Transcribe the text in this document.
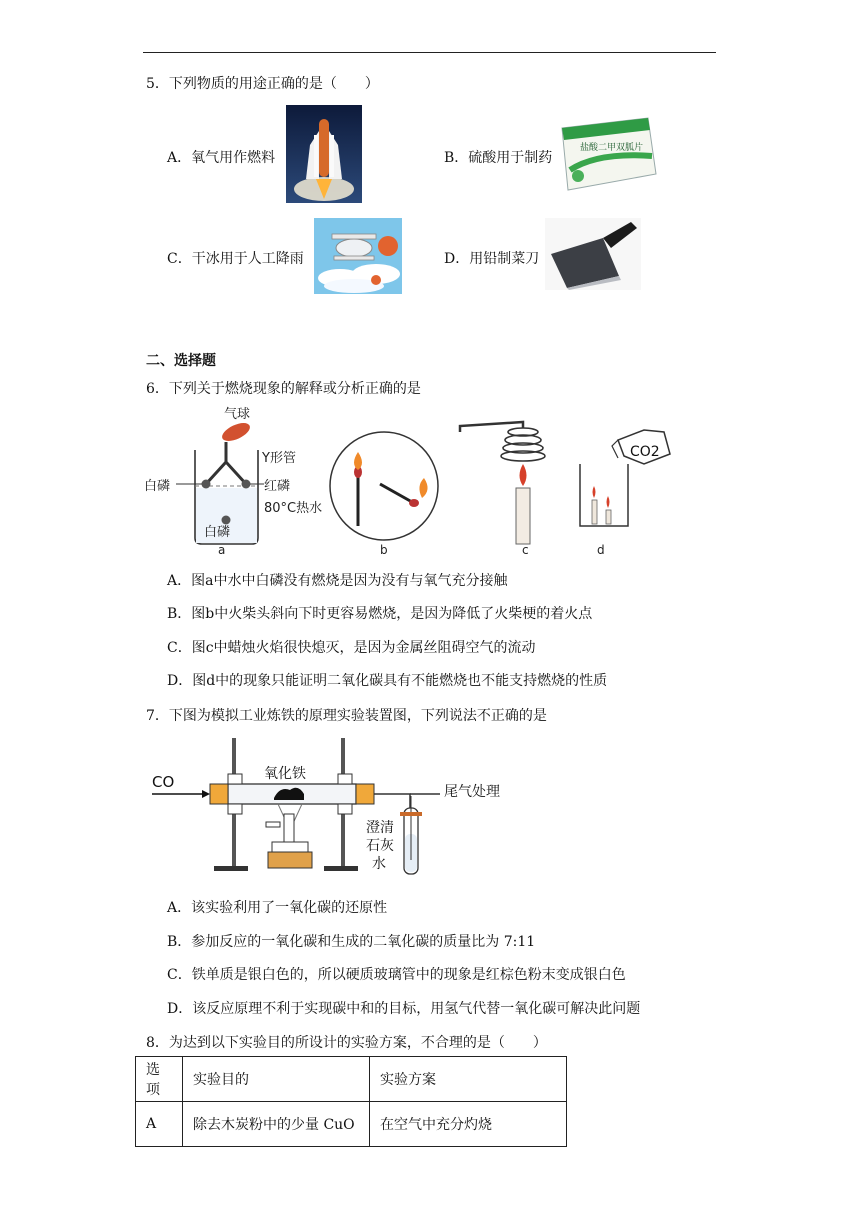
5．下列物质的用途正确的是（　　）
A．氧气用作燃料	B．硫酸用于制药
盐酸二甲双胍片
C．干冰用于人工降雨	D．用铅制菜刀
二、选择题
6．下列关于燃烧现象的解释或分析正确的是
气球
Y形管
白磷	红磷
80°C热水
白磷
a	b	c
CO2
d
A．图a中水中白磷没有燃烧是因为没有与氧气充分接触
B．图b中火柴头斜向下时更容易燃烧，是因为降低了火柴梗的着火点
C．图c中蜡烛火焰很快熄灭，是因为金属丝阻碍空气的流动
D．图d中的现象只能证明二氧化碳具有不能燃烧也不能支持燃烧的性质
7．下图为模拟工业炼铁的原理实验装置图，下列说法不正确的是
CO	氧化铁
尾气处理
澄清
石灰
水
A．该实验利用了一氧化碳的还原性
B．参加反应的一氧化碳和生成的二氧化碳的质量比为 7:11
C．铁单质是银白色的，所以硬质玻璃管中的现象是红棕色粉末变成银白色
D．该反应原理不利于实现碳中和的目标，用氢气代替一氧化碳可解决此问题
8．为达到以下实验目的所设计的实验方案，不合理的是（　　）
选项	实验目的	实验方案
A	除去木炭粉中的少量 CuO	在空气中充分灼烧
